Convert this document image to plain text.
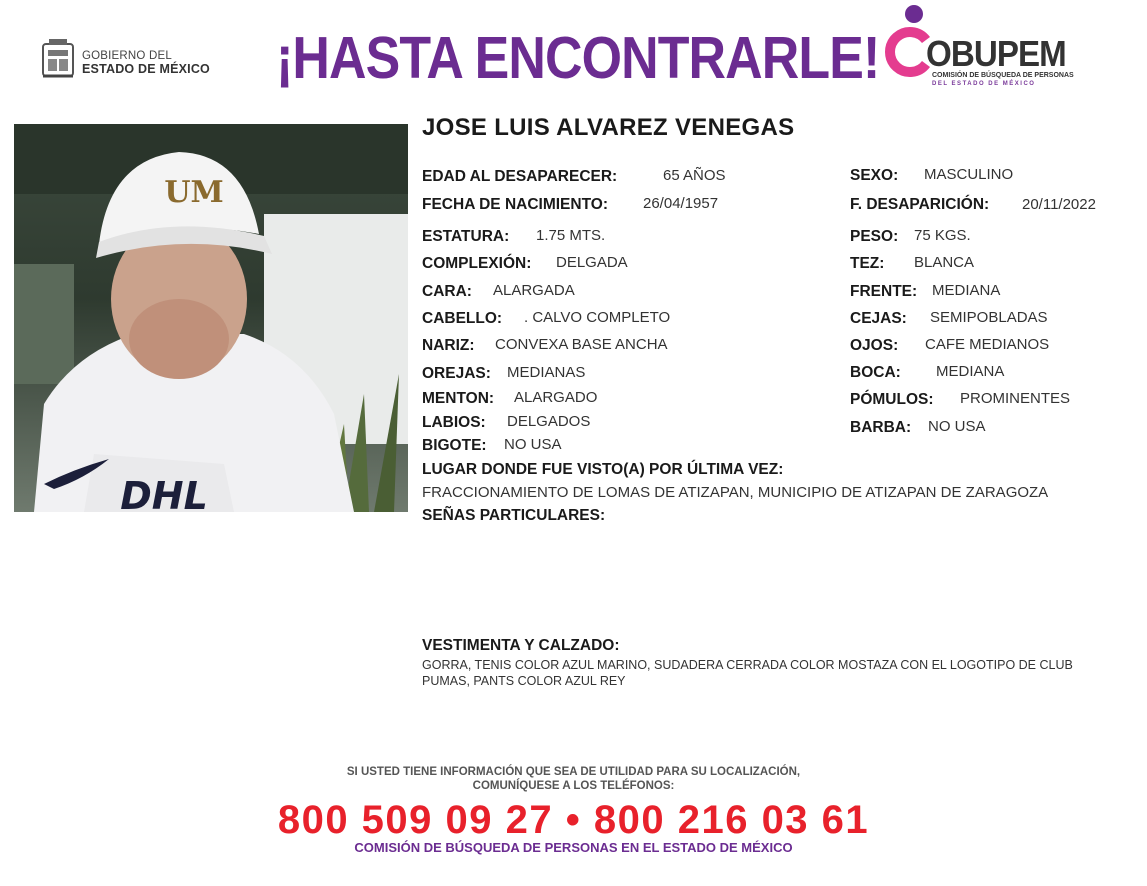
GOBIERNO DEL
ESTADO DE MÉXICO ¡HASTA ENCONTRARLE! OBUPEM
COMISIÓN DE BÚSQUEDA DE PERSONAS
DEL ESTADO DE MÉXICO
UM
DHL
JOSE LUIS ALVAREZ VENEGAS
EDAD AL DESAPARECER:	65 AÑOS
FECHA DE NACIMIENTO: 26/04/1957
ESTATURA: 1.75 MTS.
COMPLEXIÓN: DELGADA
CARA: ALARGADA
CABELLO: . CALVO COMPLETO
NARIZ: CONVEXA BASE ANCHA
OREJAS: MEDIANAS
MENTON: ALARGADO
LABIOS: DELGADOS
BIGOTE: NO USA
SEXO: MASCULINO
F. DESAPARICIÓN: 20/11/2022
PESO: 75 KGS.
TEZ: BLANCA
FRENTE: MEDIANA
CEJAS: SEMIPOBLADAS
OJOS: CAFE MEDIANOS
BOCA: MEDIANA
PÓMULOS: PROMINENTES
BARBA: NO USA
LUGAR DONDE FUE VISTO(A) POR ÚLTIMA VEZ:
FRACCIONAMIENTO DE LOMAS DE ATIZAPAN, MUNICIPIO DE ATIZAPAN DE ZARAGOZA
SEÑAS PARTICULARES:
VESTIMENTA Y CALZADO:
GORRA, TENIS COLOR AZUL MARINO, SUDADERA CERRADA COLOR MOSTAZA CON EL LOGOTIPO DE CLUB PUMAS, PANTS COLOR AZUL REY
SI USTED TIENE INFORMACIÓN QUE SEA DE UTILIDAD PARA SU LOCALIZACIÓN,
COMUNÍQUESE A LOS TELÉFONOS:
800 509 09 27 • 800 216 03 61
COMISIÓN DE BÚSQUEDA DE PERSONAS EN EL ESTADO DE MÉXICO
